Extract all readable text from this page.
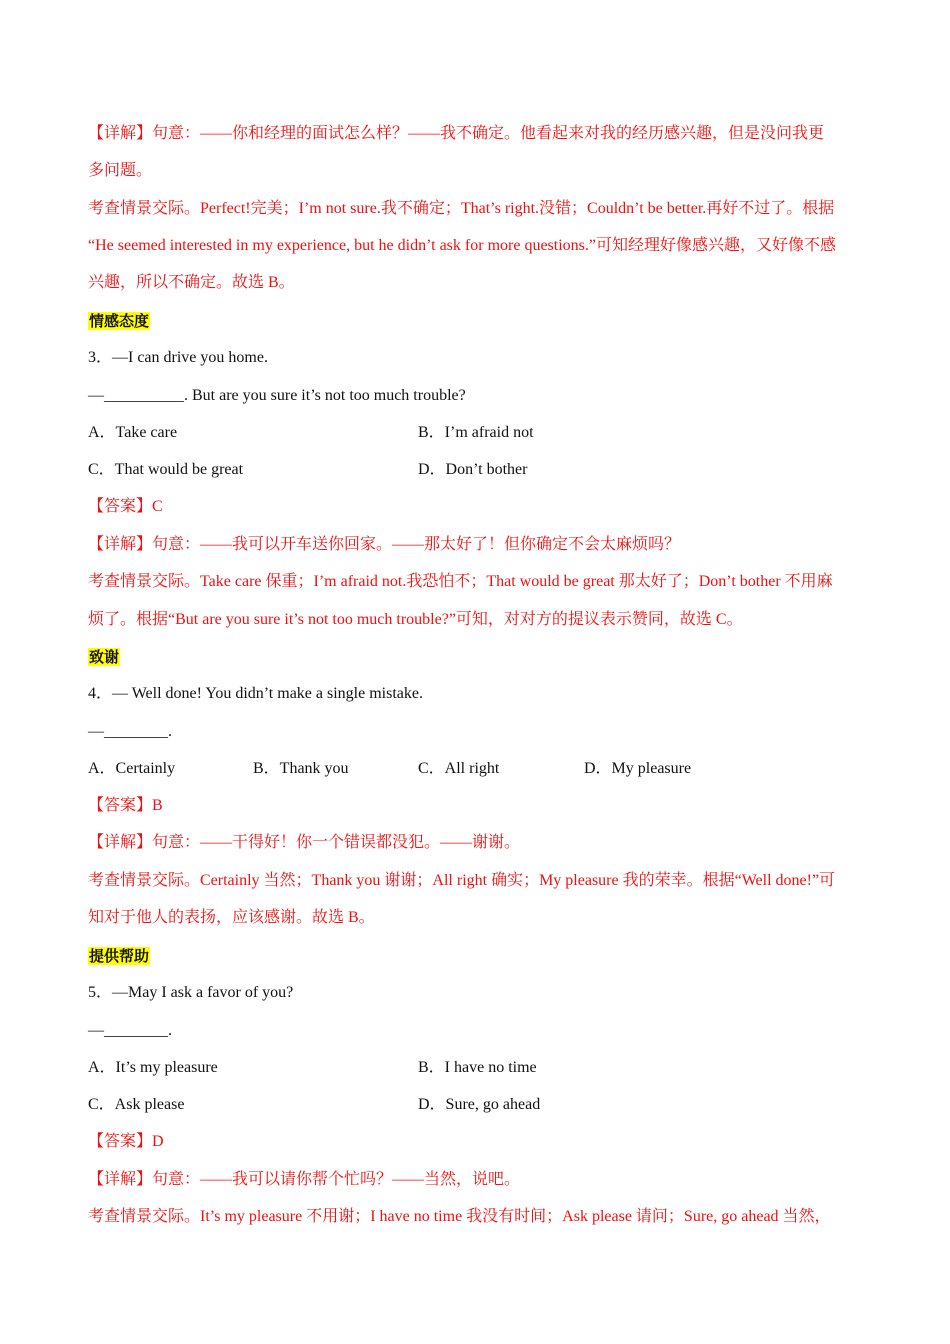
【详解】句意：——你和经理的面试怎么样？——我不确定。他看起来对我的经历感兴趣，但是没问我更
多问题。
考查情景交际。Perfect!完美；I’m not sure.我不确定；That’s right.没错；Couldn’t be better.再好不过了。根据
“He seemed interested in my experience, but he didn’t ask for more questions.”可知经理好像感兴趣，又好像不感
兴趣，所以不确定。故选 B。
情感态度
3．—I can drive you home.
—__________. But are you sure it’s not too much trouble?
A．Take care	B．I’m afraid not
C．That would be great	D．Don’t bother
【答案】C
【详解】句意：——我可以开车送你回家。——那太好了！但你确定不会太麻烦吗？
考查情景交际。Take care 保重；I’m afraid not.我恐怕不；That would be great 那太好了；Don’t bother 不用麻
烦了。根据“But are you sure it’s not too much trouble?”可知，对对方的提议表示赞同，故选 C。
致谢
4．— Well done! You didn’t make a single mistake.
—________.
A．Certainly	B．Thank you	C．All right	D．My pleasure
【答案】B
【详解】句意：——干得好！你一个错误都没犯。——谢谢。
考查情景交际。Certainly 当然；Thank you 谢谢；All right 确实；My pleasure 我的荣幸。根据“Well done!”可
知对于他人的表扬，应该感谢。故选 B。
提供帮助
5．—May I ask a favor of you?
—________.
A．It’s my pleasure	B．I have no time
C．Ask please	D．Sure, go ahead
【答案】D
【详解】句意：——我可以请你帮个忙吗？——当然，说吧。
考查情景交际。It’s my pleasure 不用谢；I have no time 我没有时间；Ask please 请问；Sure, go ahead 当然，
